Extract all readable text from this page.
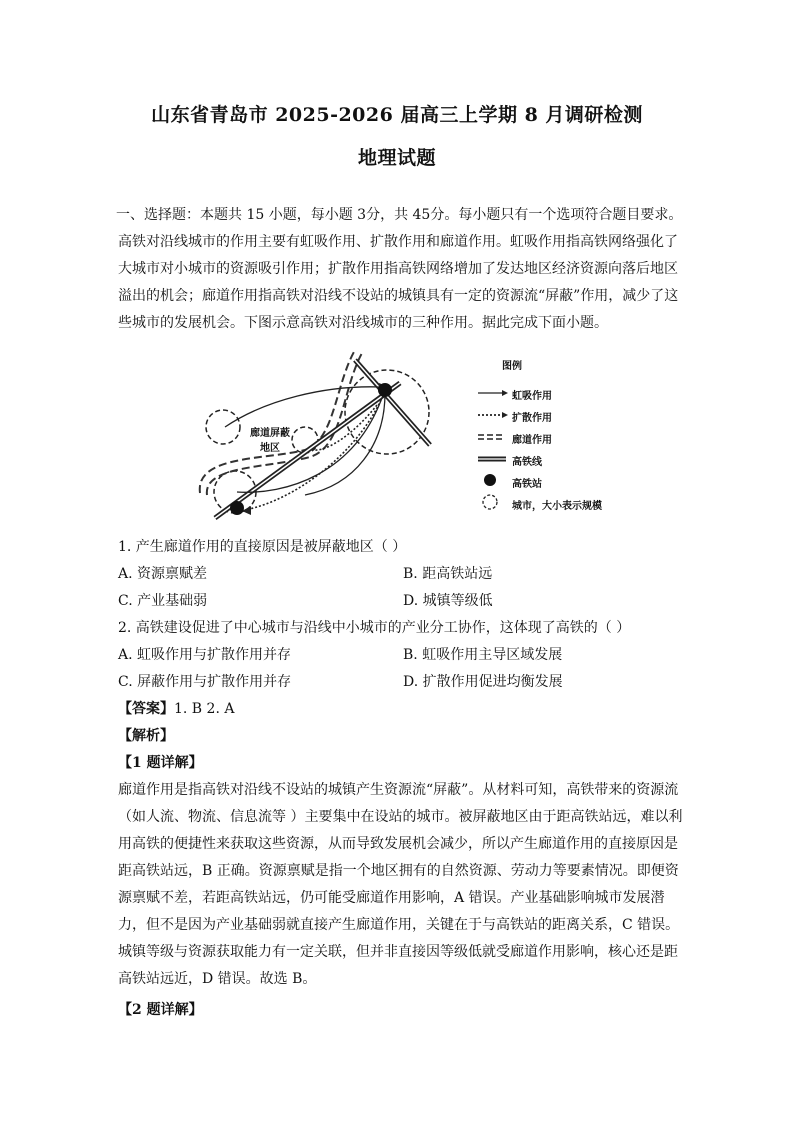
山东省青岛市 2025-2026 届高三上学期 8 月调研检测
地理试题
一、选择题：本题共 15 小题，每小题 3分，共 45分。每小题只有一个选项符合题目要求。
高铁对沿线城市的作用主要有虹吸作用、扩散作用和廊道作用。虹吸作用指高铁网络强化了大城市对小城市的资源吸引作用；扩散作用指高铁网络增加了发达地区经济资源向落后地区溢出的机会；廊道作用指高铁对沿线不设站的城镇具有一定的资源流“屏蔽”作用，减少了这些城市的发展机会。下图示意高铁对沿线城市的三种作用。据此完成下面小题。
廊道屏蔽
地区
图例
虹吸作用
扩散作用
廊道作用
高铁线
高铁站
城市，大小表示规模
1. 产生廊道作用的直接原因是被屏蔽地区（ ）
A. 资源禀赋差	B. 距高铁站远
C. 产业基础弱	D. 城镇等级低
2. 高铁建设促进了中心城市与沿线中小城市的产业分工协作，这体现了高铁的（ ）
A. 虹吸作用与扩散作用并存	B. 虹吸作用主导区域发展
C. 屏蔽作用与扩散作用并存	D. 扩散作用促进均衡发展
【答案】1. B 2. A
【解析】
【1 题详解】
廊道作用是指高铁对沿线不设站的城镇产生资源流“屏蔽”。从材料可知，高铁带来的资源流（如人流、物流、信息流等 ）主要集中在设站的城市。被屏蔽地区由于距高铁站远，难以利用高铁的便捷性来获取这些资源，从而导致发展机会减少，所以产生廊道作用的直接原因是距高铁站远，B 正确。资源禀赋是指一个地区拥有的自然资源、劳动力等要素情况。即便资源禀赋不差，若距高铁站远，仍可能受廊道作用影响，A 错误。产业基础影响城市发展潜力，但不是因为产业基础弱就直接产生廊道作用，关键在于与高铁站的距离关系，C 错误。城镇等级与资源获取能力有一定关联，但并非直接因等级低就受廊道作用影响，核心还是距高铁站远近，D 错误。故选 B。
【2 题详解】
